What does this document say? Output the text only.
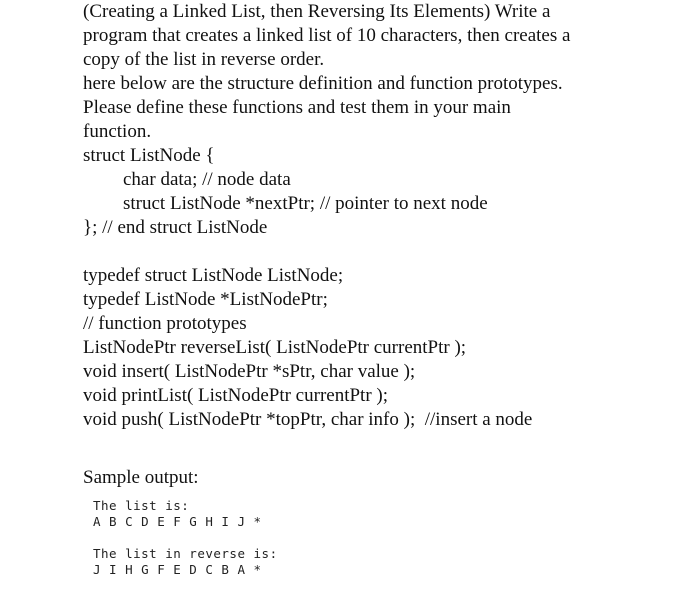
(Creating a Linked List, then Reversing Its Elements) Write a
program that creates a linked list of 10 characters, then creates a
copy of the list in reverse order.
here below are the structure definition and function prototypes.
Please define these functions and test them in your main
function.
struct ListNode {
char data; // node data
struct ListNode *nextPtr; // pointer to next node
}; // end struct ListNode
typedef struct ListNode ListNode;
typedef ListNode *ListNodePtr;
// function prototypes
ListNodePtr reverseList( ListNodePtr currentPtr );
void insert( ListNodePtr *sPtr, char value );
void printList( ListNodePtr currentPtr );
void push( ListNodePtr *topPtr, char info );  //insert a node
Sample output:
The list is:
A B C D E F G H I J *
The list in reverse is:
J I H G F E D C B A *
